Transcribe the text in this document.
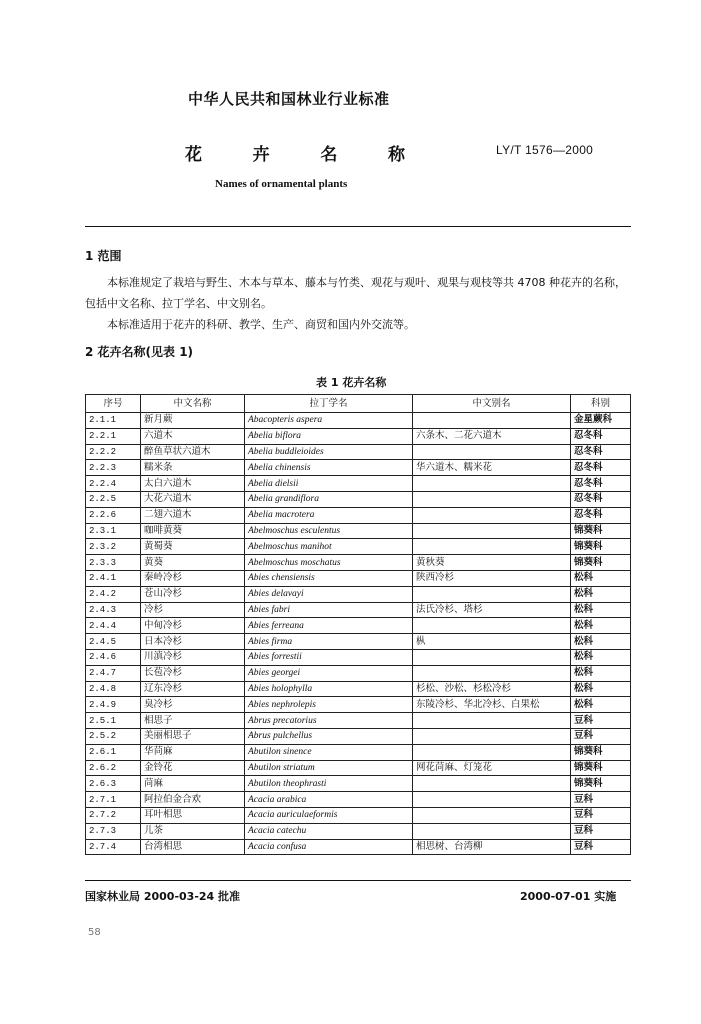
中华人民共和国林业行业标准
花	卉	名	称	LY/T 1576—2000
Names of ornamental plants
1 范围
本标准规定了栽培与野生、木本与草本、藤本与竹类、观花与观叶、观果与观枝等共 4708 种花卉的名称，包括中文名称、拉丁学名、中文别名。
本标准适用于花卉的科研、教学、生产、商贸和国内外交流等。
2 花卉名称(见表 1)
表 1 花卉名称
序号	中文名称	拉丁学名	中文别名	科别
2.1.1	新月蕨	Abacopteris aspera		金星蕨科
2.2.1	六道木	Abelia biflora	六条木、二花六道木	忍冬科
2.2.2	醉鱼草状六道木	Abelia buddleioides		忍冬科
2.2.3	糯米条	Abelia chinensis	华六道木、糯米花	忍冬科
2.2.4	太白六道木	Abelia dielsii		忍冬科
2.2.5	大花六道木	Abelia grandiflora		忍冬科
2.2.6	二翅六道木	Abelia macrotera		忍冬科
2.3.1	咖啡黄葵	Abelmoschus esculentus		锦葵科
2.3.2	黄蜀葵	Abelmoschus manihot		锦葵科
2.3.3	黄葵	Abelmoschus moschatus	黄秋葵	锦葵科
2.4.1	秦岭冷杉	Abies chensiensis	陕西冷杉	松科
2.4.2	苍山冷杉	Abies delavayi		松科
2.4.3	冷杉	Abies fabri	法氏冷杉、塔杉	松科
2.4.4	中甸冷杉	Abies ferreana		松科
2.4.5	日本冷杉	Abies firma	枞	松科
2.4.6	川滇冷杉	Abies forrestii		松科
2.4.7	长苞冷杉	Abies georgei		松科
2.4.8	辽东冷杉	Abies holophylla	杉松、沙松、杉松冷杉	松科
2.4.9	臭冷杉	Abies nephrolepis	东陵冷杉、华北冷杉、白果松	松科
2.5.1	相思子	Abrus precatorius		豆科
2.5.2	美丽相思子	Abrus pulchellus		豆科
2.6.1	华苘麻	Abutilon sinence		锦葵科
2.6.2	金铃花	Abutilon striatum	网花苘麻、灯笼花	锦葵科
2.6.3	苘麻	Abutilon theophrasti		锦葵科
2.7.1	阿拉伯金合欢	Acacia arabica		豆科
2.7.2	耳叶相思	Acacia auriculaeformis		豆科
2.7.3	儿茶	Acacia catechu		豆科
2.7.4	台湾相思	Acacia confusa	相思树、台湾柳	豆科
国家林业局 2000-03-24 批准	2000-07-01 实施
58
